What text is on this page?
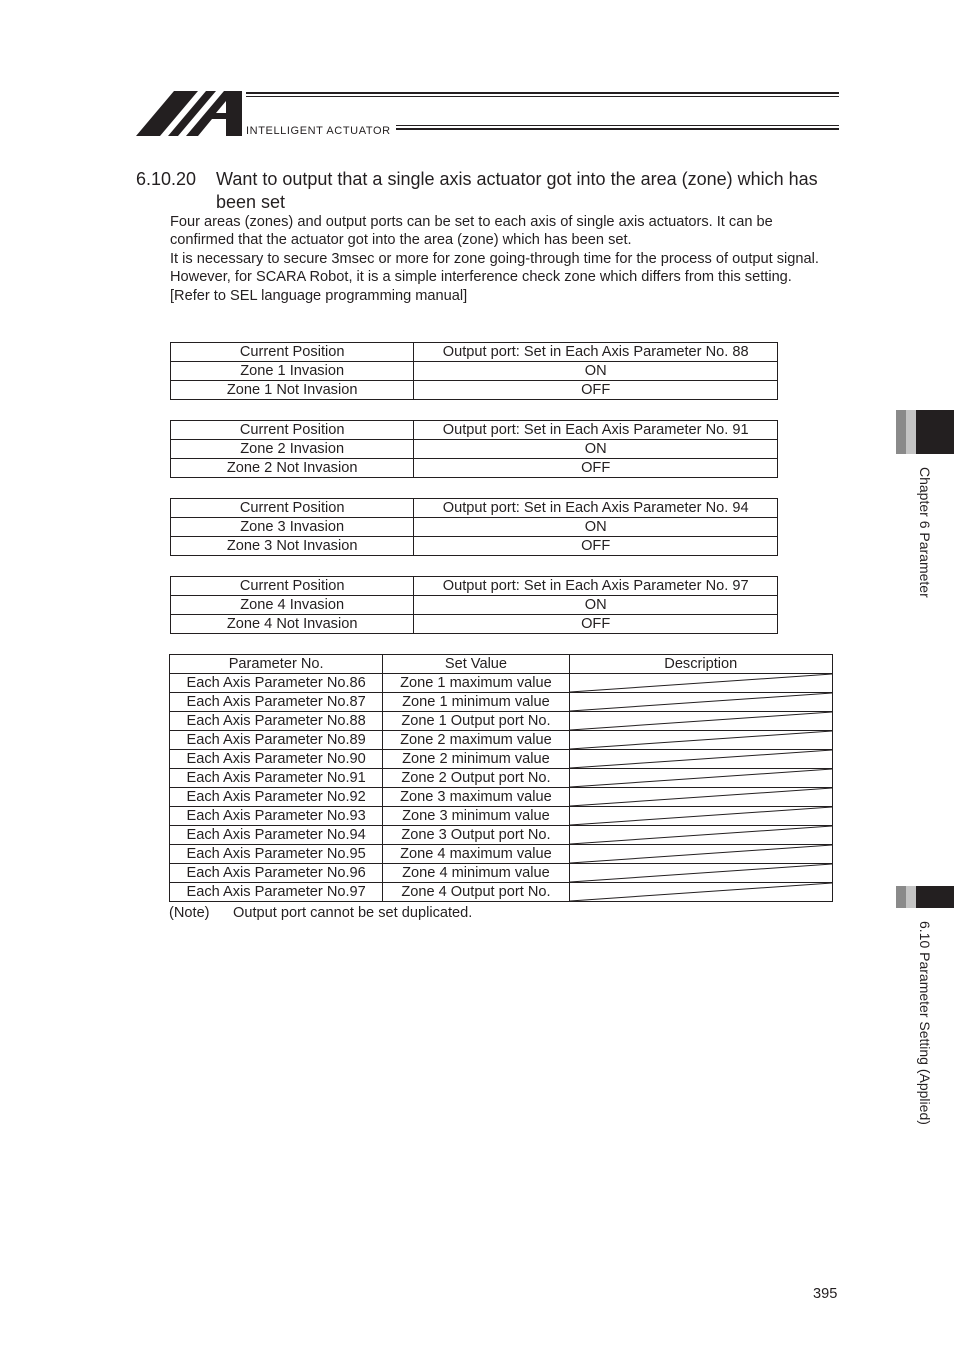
INTELLIGENT ACTUATOR
6.10.20 Want to output that a single axis actuator got into the area (zone) which has been set

Four areas (zones) and output ports can be set to each axis of single axis actuators. It can be confirmed that the actuator got into the area (zone) which has been set.

It is necessary to secure 3msec or more for zone going-through time for the process of output signal.

However, for SCARA Robot, it is a simple interference check zone which differs from this setting.

[Refer to SEL language programming manual]

Current Position	Output port: Set in Each Axis Parameter No. 88
Zone 1 Invasion	ON
Zone 1 Not Invasion	OFF
Current Position	Output port: Set in Each Axis Parameter No. 91
Zone 2 Invasion	ON
Zone 2 Not Invasion	OFF
Current Position	Output port: Set in Each Axis Parameter No. 94
Zone 3 Invasion	ON
Zone 3 Not Invasion	OFF
Current Position	Output port: Set in Each Axis Parameter No. 97
Zone 4 Invasion	ON
Zone 4 Not Invasion	OFF
Parameter No.	Set Value	Description
Each Axis Parameter No.86	Zone 1 maximum value	

Each Axis Parameter No.87	Zone 1 minimum value	

Each Axis Parameter No.88	Zone 1 Output port No.	

Each Axis Parameter No.89	Zone 2 maximum value	

Each Axis Parameter No.90	Zone 2 minimum value	

Each Axis Parameter No.91	Zone 2 Output port No.	

Each Axis Parameter No.92	Zone 3 maximum value	

Each Axis Parameter No.93	Zone 3 minimum value	

Each Axis Parameter No.94	Zone 3 Output port No.	

Each Axis Parameter No.95	Zone 4 maximum value	

Each Axis Parameter No.96	Zone 4 minimum value	

Each Axis Parameter No.97	Zone 4 Output port No.	
(Note) Output port cannot be set duplicated.
Chapter 6 Parameter
6.10 Parameter Setting (Applied)
395
